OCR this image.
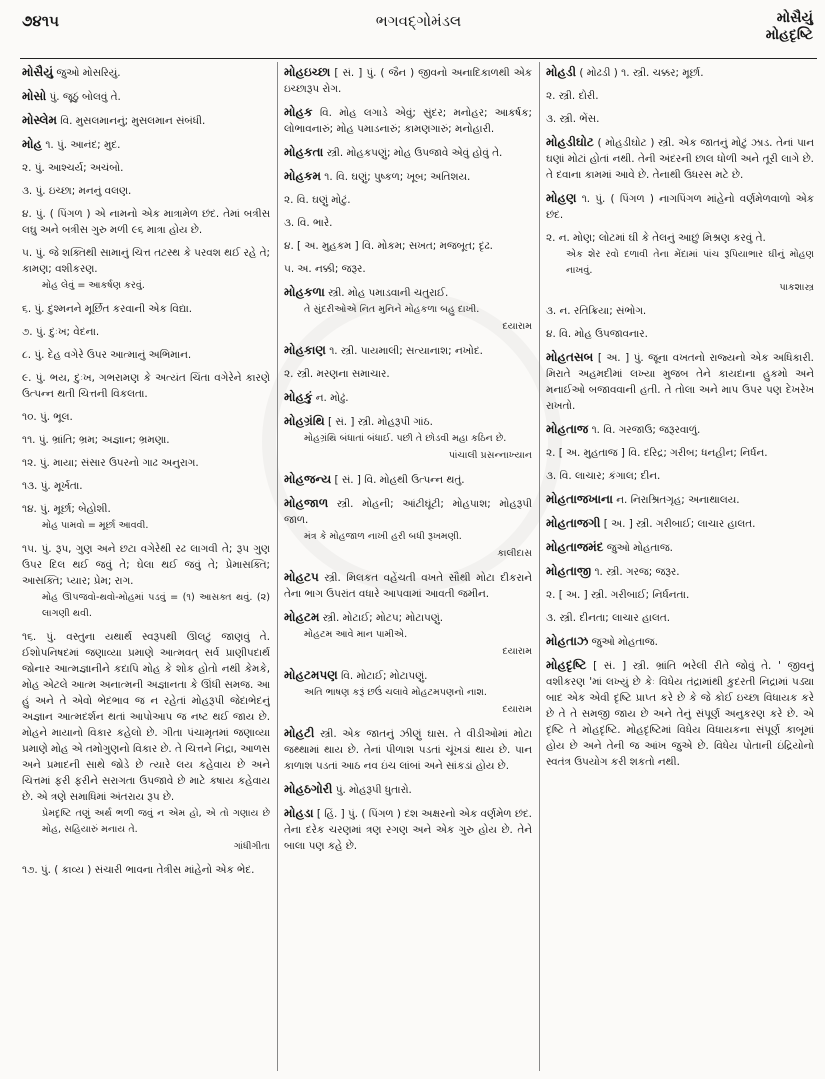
૭૪૧૫	ભગવદ્ગોમંડલ	મોસૈયું
મોહદૃષ્ટિ
મોસૈયું જુઓ મોસરિયું.
મોસો પું. જૂઠું બોલવું તે.
મોસ્લેમ વિ. મુસલમાનનું; મુસલમાન સંબંધી.
મોહ ૧. પું. આનંદ; મુદ.
૨. પું. આશ્ચર્ય; અચંબો.
૩. પું. ઇચ્છા; મનનું વલણ.
૪. પું. ( પિંગળ ) એ નામનો એક માત્રામેળ છંદ. તેમાં બત્રીસ લઘુ અને બત્રીસ ગુરુ મળી ૯૬ માત્રા હોય છે.
૫. પું. જે શક્તિથી સામાનું ચિત્ત તટસ્થ કે પરવશ થઈ રહે તે; કામણ; વશીકરણ.
મોહ લેવું = આકર્ષણ કરવું.
૬. પું. દુશ્મનને મૂર્છિત કરવાની એક વિદ્યા.
૭. પું. દુઃખ; વેદના.
૮. પું. દેહ વગેરે ઉપર આત્માનું અભિમાન.
૯. પું. ભય, દુઃખ, ગભરામણ કે અત્યંત ચિંતા વગેરેને કારણે ઉત્પન્ન થતી ચિત્તની વિકલતા.
૧૦. પું. ભૂલ.
૧૧. પું. ભ્રાંતિ; ભ્રમ; અજ્ઞાન; ભ્રમણા.
૧૨. પું. માયા; સંસાર ઉપરનો ગાઢ અનુરાગ.
૧૩. પું. મૂર્ખતા.
૧૪. પું. મૂર્છા; બેહોશી.
મોહ પામવો = મૂર્છા આવવી.
૧૫. પું. રૂપ, ગુણ અને છટા વગેરેથી રઢ લાગવી તે; રૂપ ગુણ ઉપર દિલ થઈ જવું તે; ઘેલા થઈ જવું તે; પ્રેમાસક્તિ; આસક્તિ; પ્યાર; પ્રેમ; રાગ.
મોહ ઊપજવો-થવો-મોહમાં પડવું = (૧) આસક્ત થવું. (૨) લાગણી થવી.
૧૬. પું. વસ્તુના યથાર્થ સ્વરૂપથી ઊલટું જાણવું તે. ઈશોપનિષદમાં જણાવ્યા પ્રમાણે આત્મવત્ સર્વ પ્રાણીપદાર્થ જોનાર આત્મજ્ઞાનીને કદાપિ મોહ કે શોક હોતો નથી કેમકે, મોહ એટલે આત્મ અનાત્મની અજ્ઞાનતા કે ઊંધી સમજ. આ હું અને તે એવો ભેદભાવ જ ન રહેતાં મોહરૂપી જેદાભેદનું અજ્ઞાન આત્મદર્શન થતાં આપોઆપ જ નષ્ટ થઈ જાય છે. મોહને માયાનો વિકાર કહેલો છે. ગીતા પંચામૃતમાં જણાવ્યા પ્રમાણે મોહ એ તમોગુણનો વિકાર છે. તે ચિત્તને નિદ્રા, આળસ અને પ્રમાદની સાથે જોડે છે ત્યારે લય કહેવાય છે અને ચિત્તમાં ફરી ફરીને સરાગતા ઉપજાવે છે માટે કષાય કહેવાય છે. એ ત્રણે સમાધિમાં અંતરાય રૂપ છે.
પ્રેમદૃષ્ટિ તણું અર્થ ભળી જવું ન એમ હો, એ તો ગણાય છે મોહ, સહિયારું મનાય તે.
ગાંધીગીતા
૧૭. પું. ( કાવ્ય ) સંચારી ભાવના તેત્રીસ માંહેનો એક ભેદ.
મોહઇચ્છા [ સં. ] પું. ( જૈન ) જીવનો અનાદિકાળથી એક ઇચ્છારૂપ રોગ.
મોહક વિ. મોહ લગાડે એવું; સુંદર; મનોહર; આકર્ષક; લોભાવનારું; મોહ પમાડનારું; કામણગારું; મનોહારી.
મોહકતા સ્ત્રી. મોહકપણું; મોહ ઉપજાવે એવું હોવું તે.
મોહકમ ૧. વિ. ઘણું; પુષ્કળ; ખૂબ; અતિશય.
૨. વિ. ઘણું મોટું.
૩. વિ. ભારે.
૪. [ અ. મુહકમ ] વિ. મોકમ; સખત; મજબૂત; દૃઢ.
૫. અ. નક્કી; જરૂર.
મોહકળા સ્ત્રી. મોહ પમાડવાની ચતુરાઈ.
તે સુંદરીઓએ નિત મુનિને મોહકળા બહુ દાખી.
દયારામ
મોહકાણ ૧. સ્ત્રી. પાયમાલી; સત્યાનાશ; નખોદ.
૨. સ્ત્રી. મરણના સમાચાર.
મોહકું ન. મોઢું.
મોહગ્રંથિ [ સં. ] સ્ત્રી. મોહરૂપી ગાંઠ.
મોહગ્રંથિ બંધાતાં બંધાઈ. પછી તે છોડવી મહા કઠિન છે.
પાંચાલી પ્રસન્નાખ્યાન
મોહજન્ય [ સં. ] વિ. મોહથી ઉત્પન્ન થતું.
મોહજાળ સ્ત્રી. મોહની; આંટીઘૂંટી; મોહપાશ; મોહરૂપી જાળ.
મંત્ર કે મોહજાળ નાખી હરી બધી રૂખમણી.
કાલીદાસ
મોહટપ સ્ત્રી. મિલકત વહેંચતી વખતે સૌથી મોટા દીકરાને તેના ભાગ ઉપરાંત વધારે આપવામાં આવતી જમીન.
મોહટમ સ્ત્રી. મોટાઈ; મોટપ; મોટાપણું.
મોહટમ આવે માન પામીએ.
દયારામ
મોહટમપણ વિ. મોટાઈ; મોટાપણું.
અતિ ભાષણ કરૂં છઉં ચલાવે મોહટમપણનો નાશ.
દયારામ
મોહટી સ્ત્રી. એક જાતનું ઝીણું ઘાસ. તે વીડીઓમાં મોટા જથ્થામાં થાય છે. તેનાં પીળાશ પડતાં ચૂંખડાં થાય છે. પાન કાળાશ પડતાં આઠ નવ ઇંચ લાંબાં અને સાંકડાં હોય છે.
મોહઠગોરી પું. મોહરૂપી ધુતારો.
મોહડા [ હિં. ] પું. ( પિંગળ ) દશ અક્ષરનો એક વર્ણમેળ છંદ. તેના દરેક ચરણમાં ત્રણ રગણ અને એક ગુરુ હોય છે. તેને બાલા પણ કહે છે.
મોહડી ( મોઢડી ) ૧. સ્ત્રી. ચક્કર; મૂર્છા.
૨. સ્ત્રી. દોરી.
૩. સ્ત્રી. ભેંસ.
મોહડીઘોટ ( મોહડીઘોટ ) સ્ત્રી. એક જાતનું મોટું ઝાડ. તેનાં પાન ઘણાં મોટાં હોતાં નથી. તેની અંદરની છાલ ધોળી અને તૂરી લાગે છે. તે દવાના કામમાં આવે છે. તેનાથી ઉધરસ મટે છે.
મોહણ ૧. પું. ( પિંગળ ) નાગપિંગળ માંહેનો વર્ણમેળવાળો એક છંદ.
૨. ન. મોણ; લોટમાં ઘી કે તેલનું આછું મિશ્રણ કરવું તે.
એક શેર રવો દળાવી તેના મેંદામાં પાંચ રૂપિયાભાર ઘીનું મોહણ નાખવું.
પાકશાસ્ત્ર
૩. ન. રતિક્રિયા; સંભોગ.
૪. વિ. મોહ ઉપજાવનાર.
મોહતસબ [ અ. ] પું. જૂના વખતનો રાજ્યનો એક અધિકારી. મિરાતે અહમદીમાં લખ્યા મુજબ તેને કાયદાના હુકમો અને મનાઈઓ બજાવવાની હતી. તે તોલા અને માપ ઉપર પણ દેખરેખ રાખતો.
મોહતાજ ૧. વિ. ગરજાઉ; જરૂરવાળું.
૨. [ અ. મુહતાજ ] વિ. દરિદ્ર; ગરીબ; ધનહીન; નિર્ધન.
૩. વિ. લાચાર; કંગાલ; દીન.
મોહતાજખાના ન. નિરાશ્રિતગૃહ; અનાથાલય.
મોહતાજગી [ અ. ] સ્ત્રી. ગરીબાઈ; લાચાર હાલત.
મોહતાજમંદ જુઓ મોહતાજ.
મોહતાજી ૧. સ્ત્રી. ગરજ; જરૂર.
૨. [ અ. ] સ્ત્રી. ગરીબાઈ; નિર્ધનતા.
૩. સ્ત્રી. દીનતા; લાચાર હાલત.
મોહતાઝ જુઓ મોહતાજ.
મોહદૃષ્ટિ [ સં. ] સ્ત્રી. ભ્રાંતિ ભરેલી રીતે જોવું તે. ' જીવનું વશીકરણ 'માં લખ્યું છે કેઃ વિધેય તંદ્રામાંથી કુદરતી નિદ્રામાં પડ્યા બાદ એક એવી દૃષ્ટિ પ્રાપ્ત કરે છે કે જે કોઈ ઇચ્છા વિધાયક કરે છે તે તે સમજી જાય છે અને તેનું સંપૂર્ણ અનુકરણ કરે છે. એ દૃષ્ટિ તે મોહદૃષ્ટિ. મોહદૃષ્ટિમાં વિધેય વિધાયકના સંપૂર્ણ કાબૂમાં હોય છે અને તેની જ આંખ જુએ છે. વિધેય પોતાની ઇંદ્રિયોનો સ્વતંત્ર ઉપયોગ કરી શકતો નથી.
